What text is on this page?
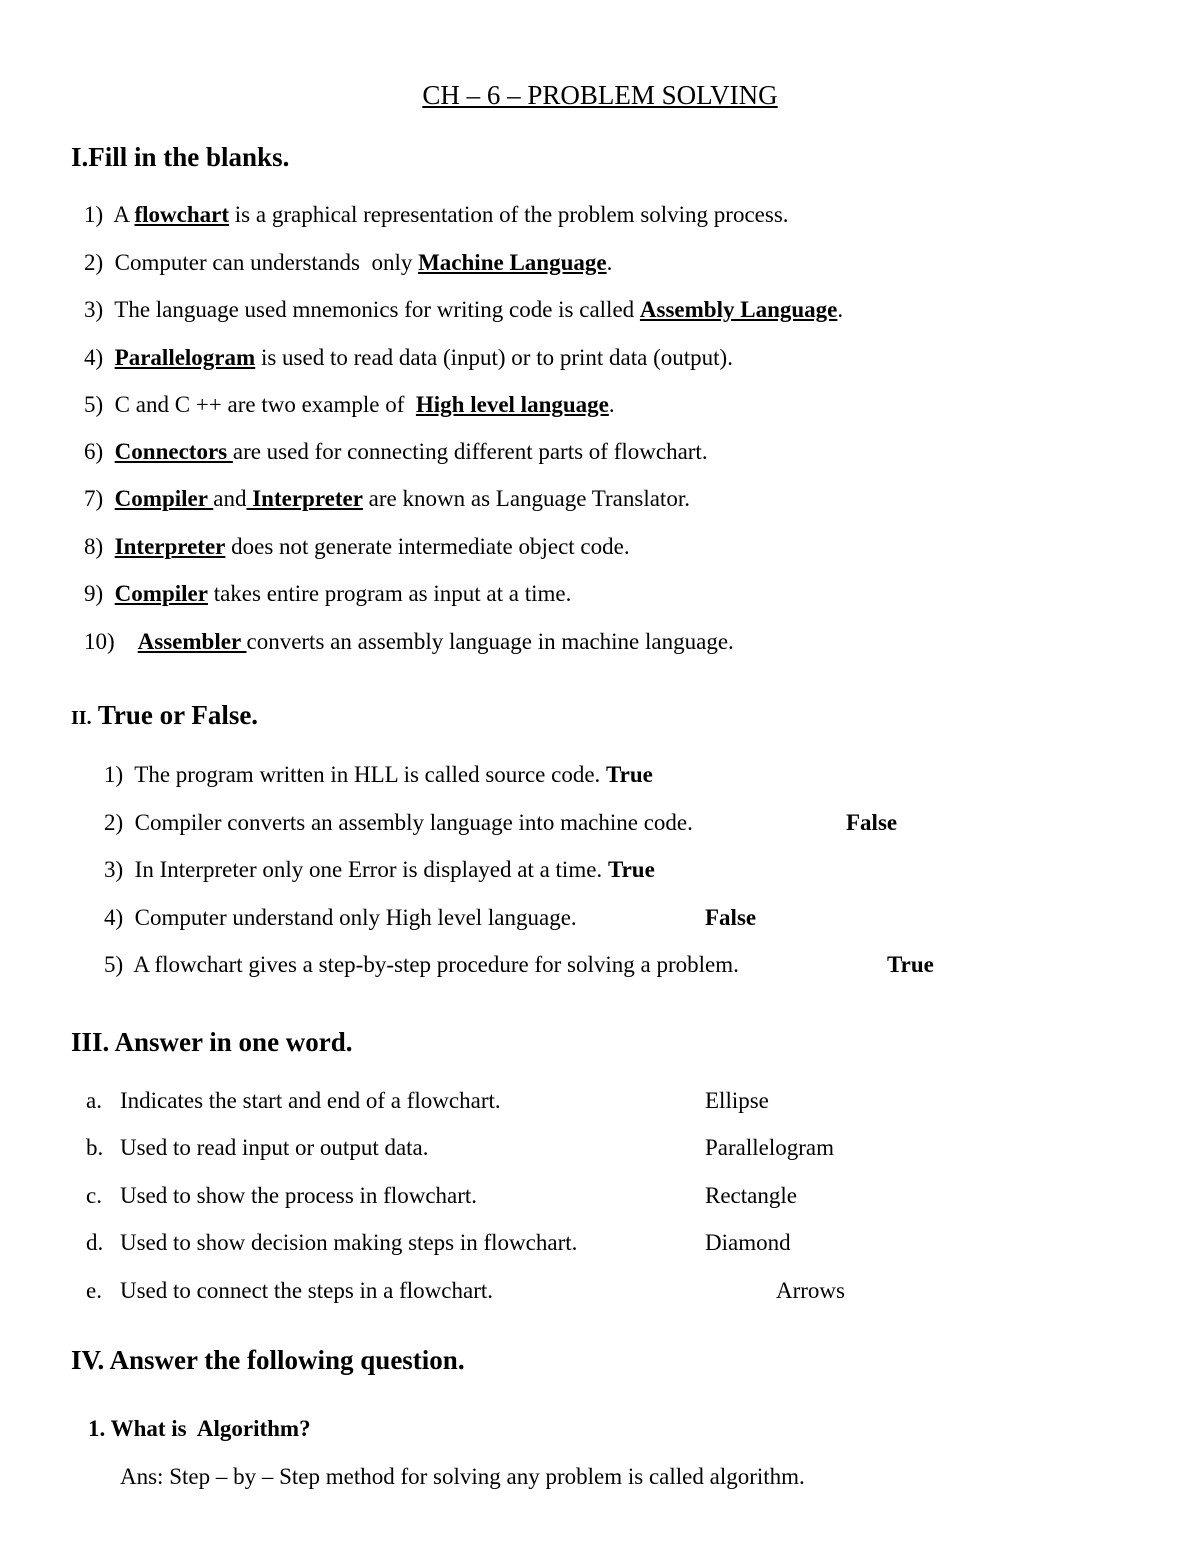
CH – 6 – PROBLEM SOLVING
I.Fill in the blanks.
1) A flowchart is a graphical representation of the problem solving process.
2) Computer can understands  only Machine Language.
3) The language used mnemonics for writing code is called Assembly Language.
4) Parallelogram is used to read data (input) or to print data (output).
5) C and C ++ are two example of  High level language.
6) Connectors are used for connecting different parts of flowchart.
7) Compiler and Interpreter are known as Language Translator.
8) Interpreter does not generate intermediate object code.
9) Compiler takes entire program as input at a time.
10) Assembler converts an assembly language in machine language.
II. True or False.
1) The program written in HLL is called source code. True
2) Compiler converts an assembly language into machine code.	False
3) In Interpreter only one Error is displayed at a time. True
4) Computer understand only High level language.	False
5) A flowchart gives a step-by-step procedure for solving a problem.	True
III. Answer in one word.
a. Indicates the start and end of a flowchart.	Ellipse
b. Used to read input or output data.	Parallelogram
c. Used to show the process in flowchart.	Rectangle
d. Used to show decision making steps in flowchart.	Diamond
e. Used to connect the steps in a flowchart.	Arrows
IV. Answer the following question.
1. What is  Algorithm?
Ans: Step – by – Step method for solving any problem is called algorithm.
